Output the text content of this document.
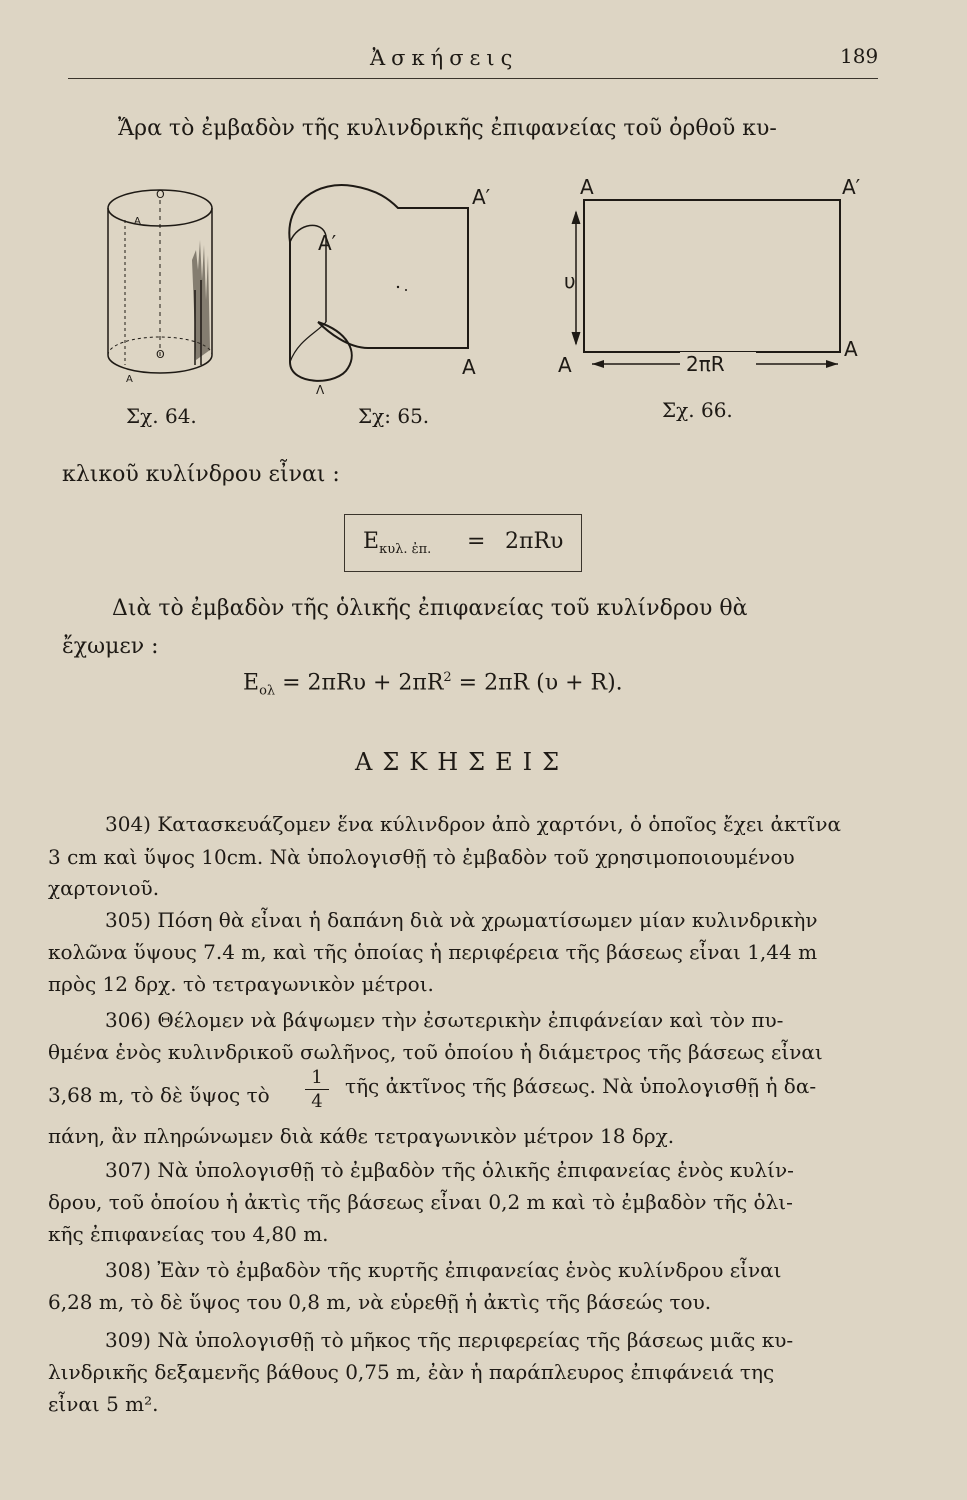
Ἀσκήσεις	189
Ἄρα τὸ ἐμβαδὸν τῆς κυλινδρικῆς ἐπιφανείας τοῦ ὀρθοῦ κυ-
O
A
O
A
Σχ. 64.
A′
A′
A
Λ
Σχ: 65.
A	A′
A
A
υ
2πR
Σχ. 66.
κλικοῦ κυλίνδρου εἶναι :
$E_{\kappa\upsilon\lambda. ἐ\pi.} = 2\pi R\upsilon$
Διὰ τὸ ἐμβαδὸν τῆς ὁλικῆς ἐπιφανείας τοῦ κυλίνδρου θὰ
ἔχωμεν :
$E_{o\lambda} = 2\pi R\upsilon + 2\pi R^2 = 2\pi R$ (υ + R).
ΑΣΚΗΣΕΙΣ
304) Κατασκευάζομεν ἕνα κύλινδρον ἀπὸ χαρτόνι, ὁ ὁποῖος ἔχει ἀκτῖνα
3 cm καὶ ὕψος 10cm. Νὰ ὑπολογισθῇ τὸ ἐμβαδὸν τοῦ χρησιμοποιουμένου
χαρτονιοῦ.
305) Πόση θὰ εἶναι ἡ δαπάνη διὰ νὰ χρωματίσωμεν μίαν κυλινδρικὴν
κολῶνα ὕψους 7.4 m, καὶ τῆς ὁποίας ἡ περιφέρεια τῆς βάσεως εἶναι 1,44 m
πρὸς 12 δρχ. τὸ τετραγωνικὸν μέτροι.
306) Θέλομεν νὰ βάψωμεν τὴν ἐσωτερικὴν ἐπιφάνείαν καὶ τὸν πυ-
θμένα ἑνὸς κυλινδρικοῦ σωλῆνος, τοῦ ὁποίου ἡ διάμετρος τῆς βάσεως εἶναι
3,68 m, τὸ δὲ ὕψος τὸ
1
4
τῆς ἀκτῖνος τῆς βάσεως. Νὰ ὑπολογισθῇ ἡ δα-
πάνη, ἂν πληρώνωμεν διὰ κάθε τετραγωνικὸν μέτρον 18 δρχ.
307) Νὰ ὑπολογισθῇ τὸ ἐμβαδὸν τῆς ὁλικῆς ἐπιφανείας ἑνὸς κυλίν-
δρου, τοῦ ὁποίου ἡ ἀκτὶς τῆς βάσεως εἶναι 0,2 m καὶ τὸ ἐμβαδὸν τῆς ὁλι-
κῆς ἐπιφανείας του 4,80 m.
308) Ἐὰν τὸ ἐμβαδὸν τῆς κυρτῆς ἐπιφανείας ἑνὸς κυλίνδρου εἶναι
6,28 m, τὸ δὲ ὕψος του 0,8 m, νὰ εὑρεθῇ ἡ ἀκτὶς τῆς βάσεώς του.
309) Νὰ ὑπολογισθῇ τὸ μῆκος τῆς περιφερείας τῆς βάσεως μιᾶς κυ-
λινδρικῆς δεξαμενῆς βάθους 0,75 m, ἐὰν ἡ παράπλευρος ἐπιφάνειά της
εἶναι 5 m².
